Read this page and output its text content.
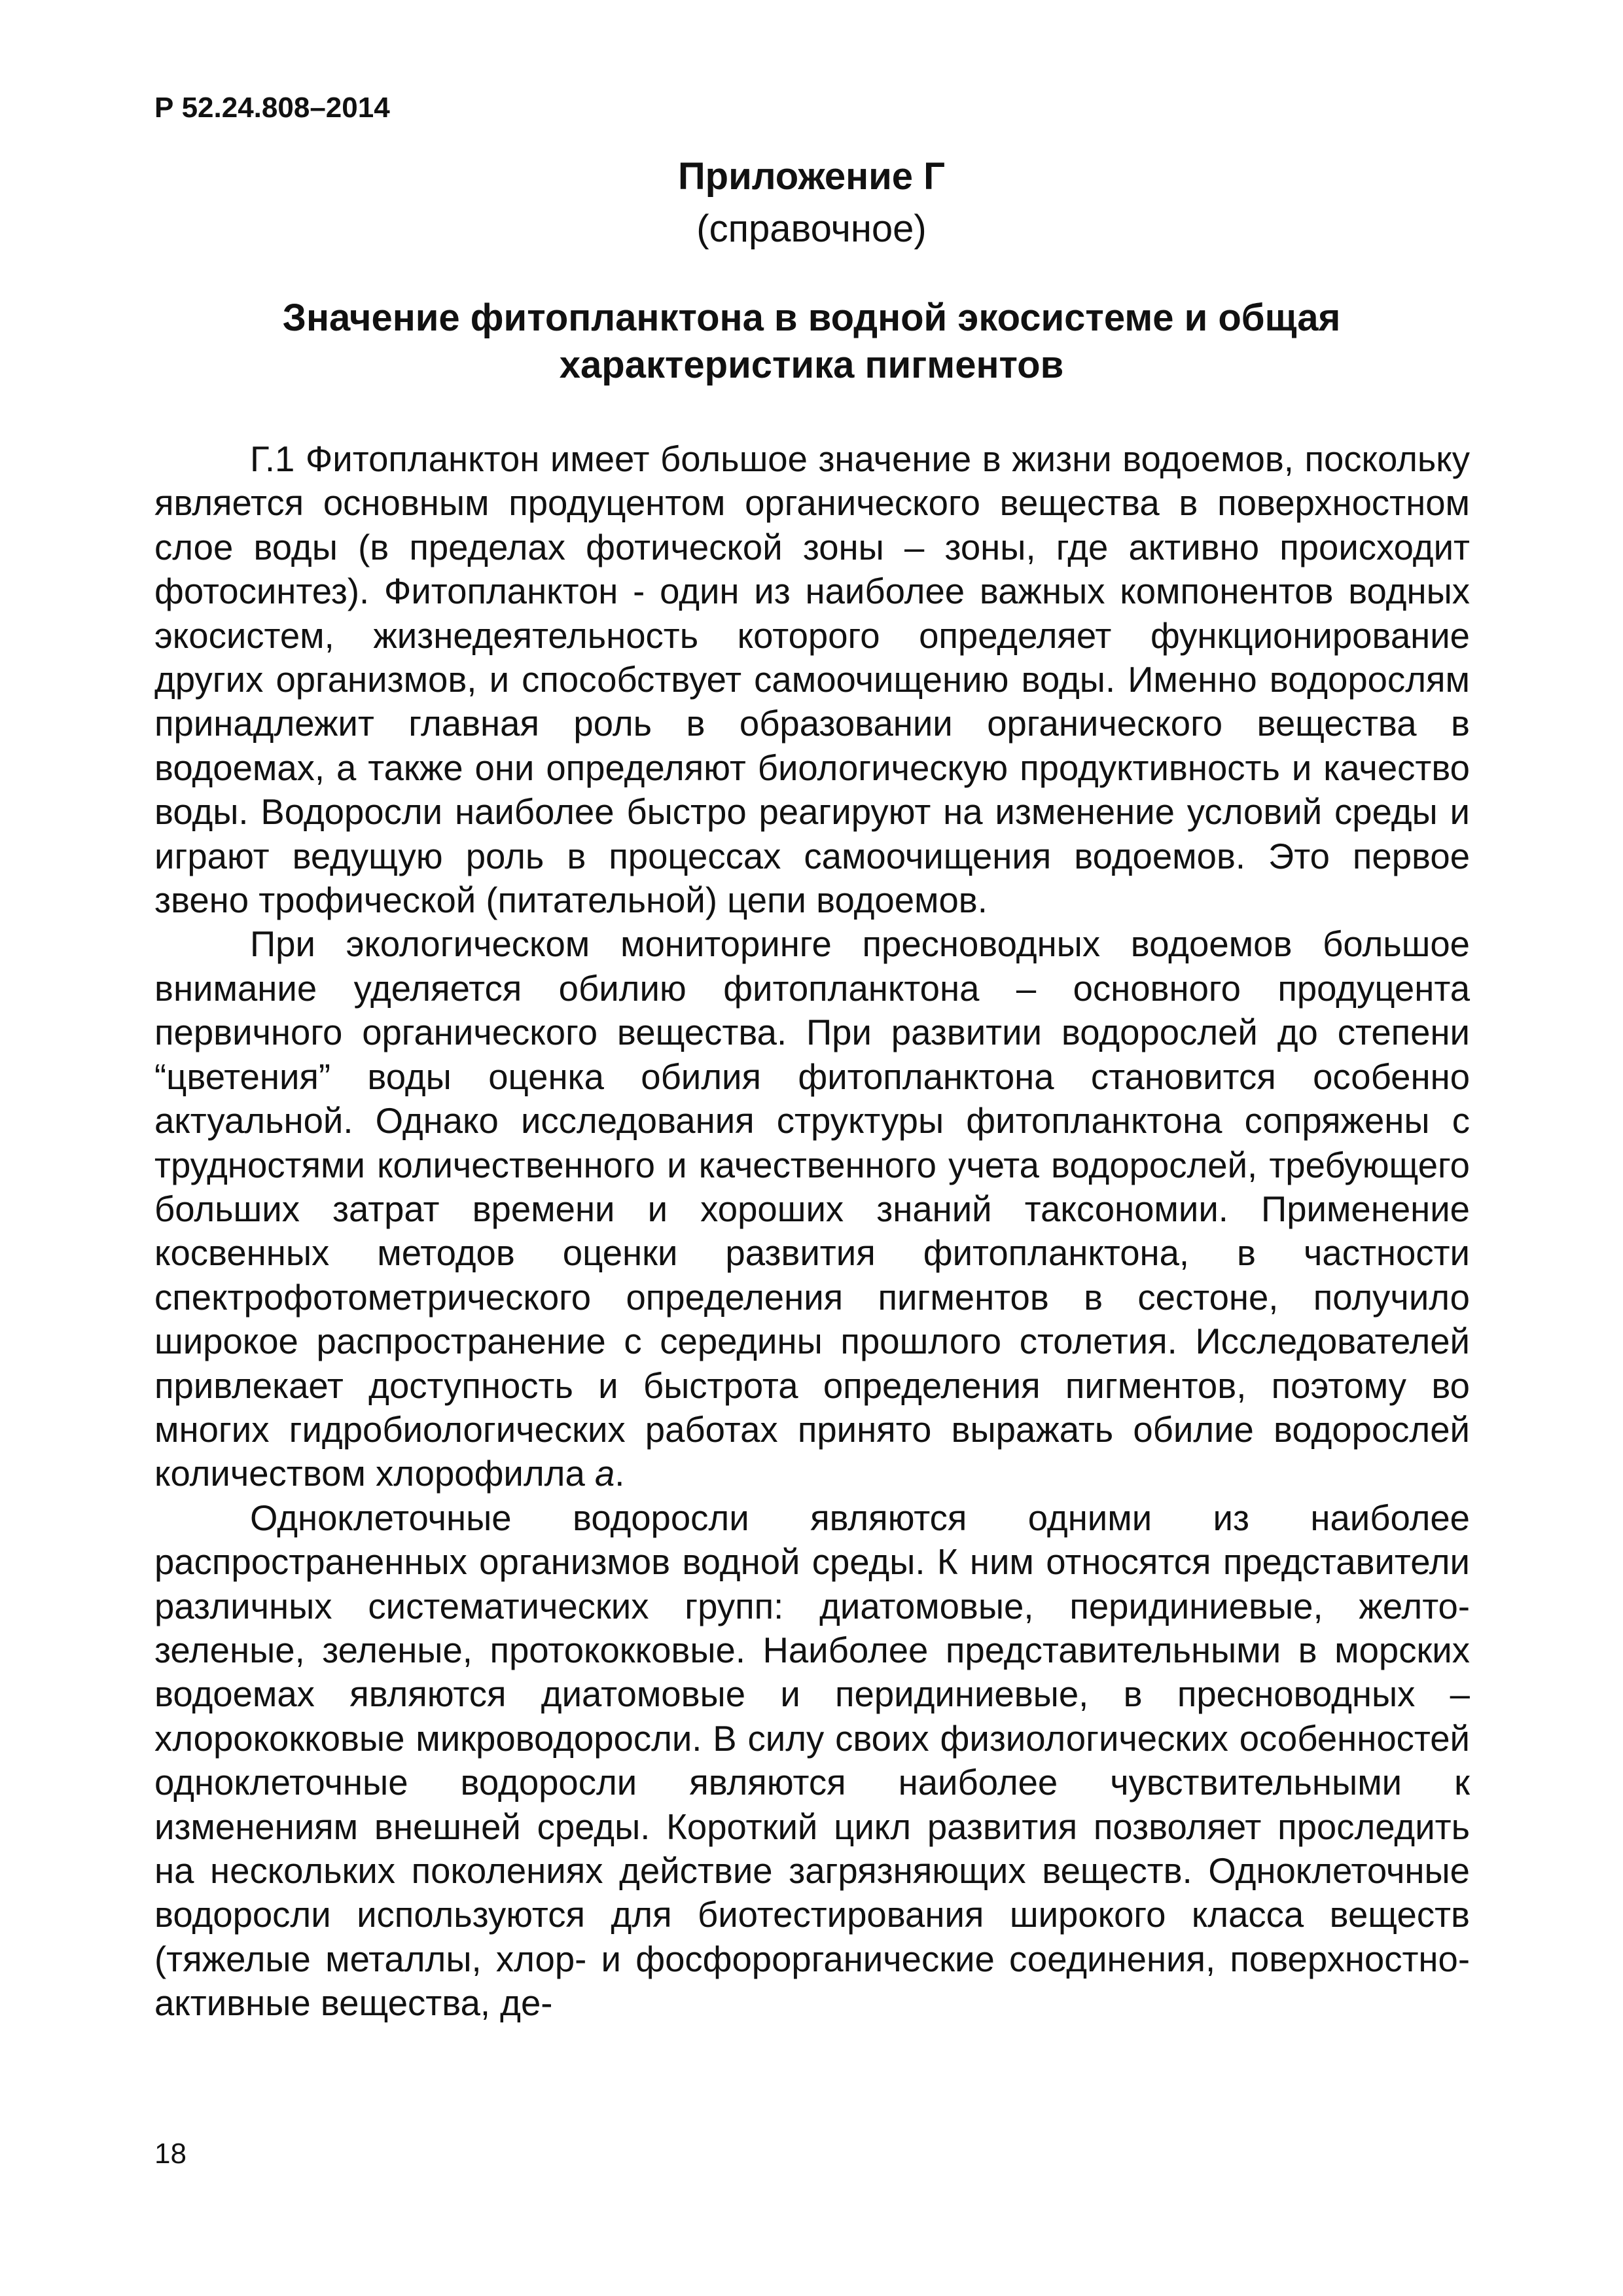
Р 52.24.808–2014
Приложение Г
(справочное)
Значение фитопланктона в водной экосистеме и общая характеристика пигментов

Г.1 Фитопланктон имеет большое значение в жизни водоемов, поскольку является основным продуцентом органического вещества в поверхностном слое воды (в пределах фотической зоны – зоны, где активно происходит фотосинтез). Фитопланктон - один из наиболее важных компонентов водных экосистем, жизнедеятельность которого определяет функционирование других организмов, и способствует самоочищению воды. Именно водорослям принадлежит главная роль в образовании органического вещества в водоемах, а также они определяют биологическую продуктивность и качество воды. Водоросли наиболее быстро реагируют на изменение условий среды и играют ведущую роль в процессах самоочищения водоемов. Это первое звено трофической (питательной) цепи водоемов.

При экологическом мониторинге пресноводных водоемов большое внимание уделяется обилию фитопланктона – основного продуцента первичного органического вещества. При развитии водорослей до степени “цветения” воды оценка обилия фитопланктона становится особенно актуальной. Однако исследования структуры фитопланктона сопряжены с трудностями количественного и качественного учета водорослей, требующего больших затрат времени и хороших знаний таксономии. Применение косвенных методов оценки развития фитопланктона, в частности спектрофотометрического определения пигментов в сестоне, получило широкое распространение с середины прошлого столетия. Исследователей привлекает доступность и быстрота определения пигментов, поэтому во многих гидробиологических работах принято выражать обилие водорослей количеством хлорофилла а.

Одноклеточные водоросли являются одними из наиболее распространенных организмов водной среды. К ним относятся представители различных систематических групп: диатомовые, перидиниевые, желто-зеленые, зеленые, протококковые. Наиболее представительными в морских водоемах являются диатомовые и перидиниевые, в пресноводных – хлорококковые микроводоросли. В силу своих физиологических особенностей одноклеточные водоросли являются наиболее чувствительными к изменениям внешней среды. Короткий цикл развития позволяет проследить на нескольких поколениях действие загрязняющих веществ. Одноклеточные водоросли используются для биотестирования широкого класса веществ (тяжелые металлы, хлор- и фосфорорганические соединения, поверхностно-активные вещества, де-

18
